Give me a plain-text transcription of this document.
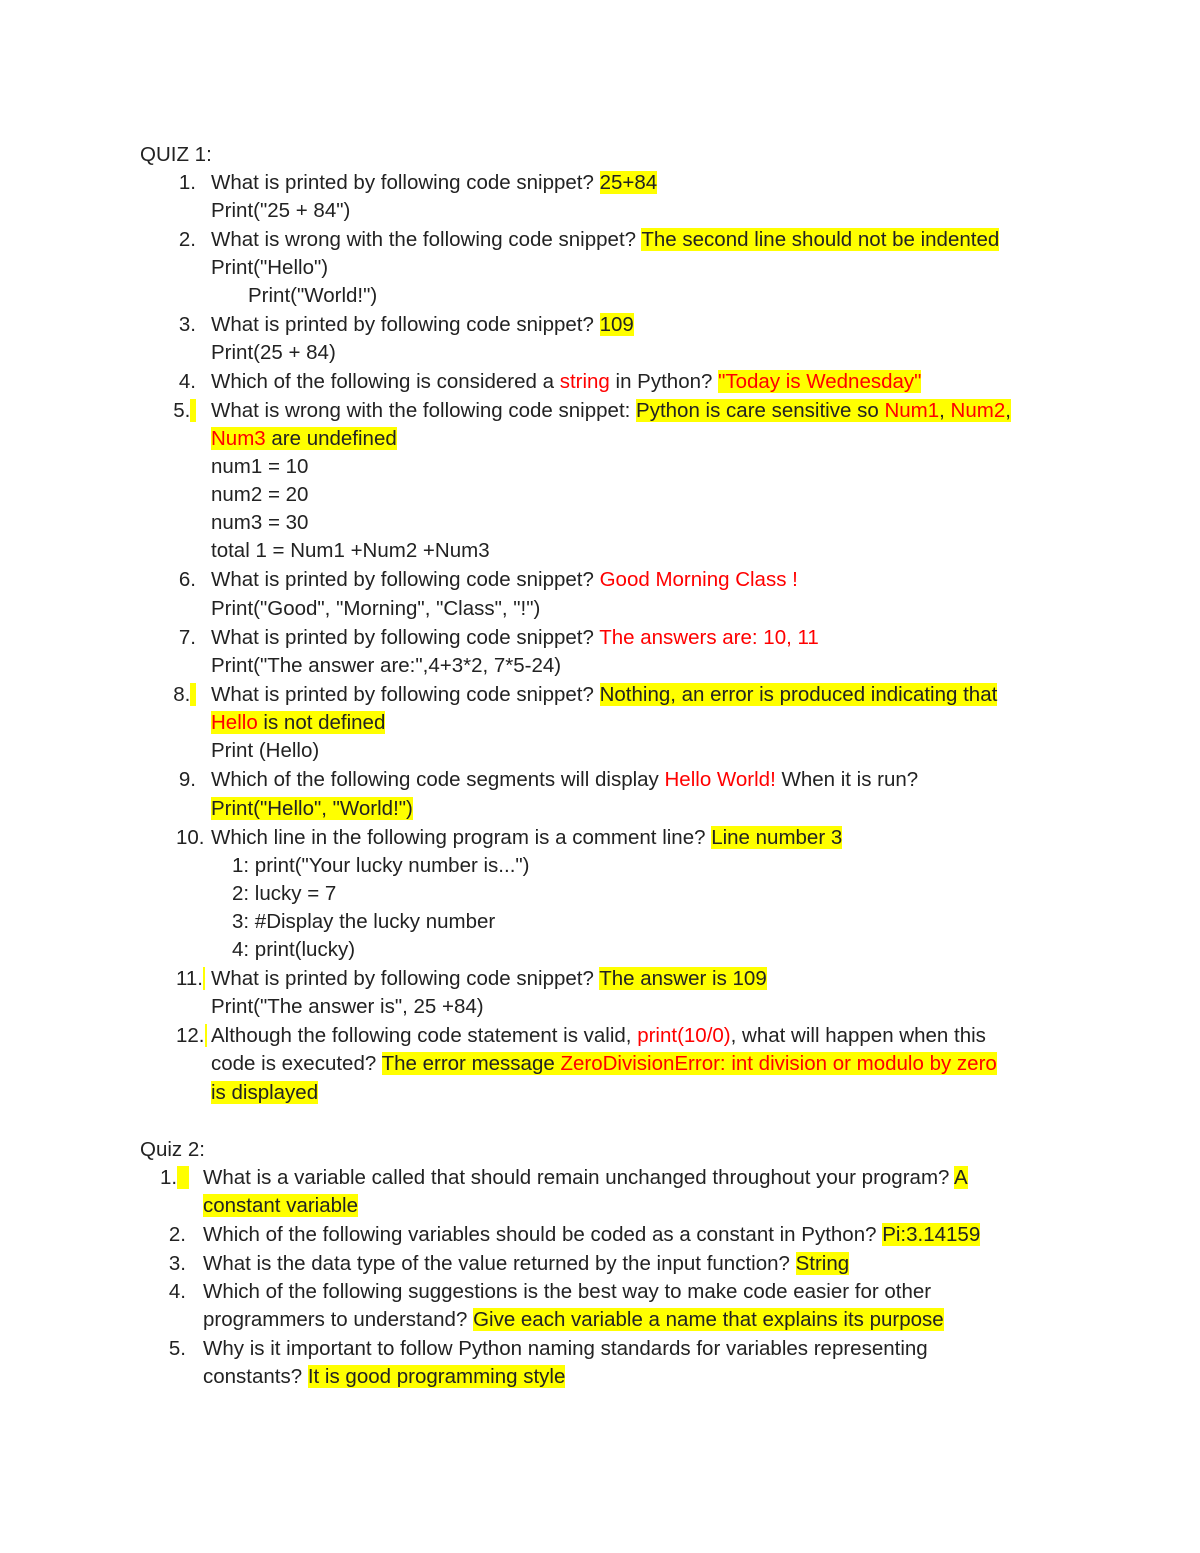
QUIZ 1:
1. What is printed by following code snippet? 25+84
Print("25 + 84")
2. What is wrong with the following code snippet? The second line should not be indented
Print("Hello")
Print("World!")
3. What is printed by following code snippet? 109
Print(25 + 84)
4. Which of the following is considered a string in Python? "Today is Wednesday"
5. What is wrong with the following code snippet: Python is care sensitive so Num1, Num2,
Num3 are undefined
num1 = 10
num2 = 20
num3 = 30
total 1 = Num1 +Num2 +Num3
6. What is printed by following code snippet? Good Morning Class !
Print("Good", "Morning", "Class", "!")
7. What is printed by following code snippet? The answers are: 10, 11
Print("The answer are:",4+3*2, 7*5-24)
8. What is printed by following code snippet? Nothing, an error is produced indicating that
Hello is not defined
Print (Hello)
9. Which of the following code segments will display Hello World! When it is run?
Print("Hello", "World!")
10. Which line in the following program is a comment line? Line number 3
1: print("Your lucky number is...")
2: lucky = 7
3: #Display the lucky number
4: print(lucky)
11. What is printed by following code snippet? The answer is 109
Print("The answer is", 25 +84)
12. Although the following code statement is valid, print(10/0), what will happen when this
code is executed? The error message ZeroDivisionError: int division or modulo by zero
is displayed
Quiz 2:
1.	What is a variable called that should remain unchanged throughout your program? A
constant variable
2. Which of the following variables should be coded as a constant in Python? Pi:3.14159
3. What is the data type of the value returned by the input function? String
4. Which of the following suggestions is the best way to make code easier for other
programmers to understand? Give each variable a name that explains its purpose
5. Why is it important to follow Python naming standards for variables representing
constants? It is good programming style
